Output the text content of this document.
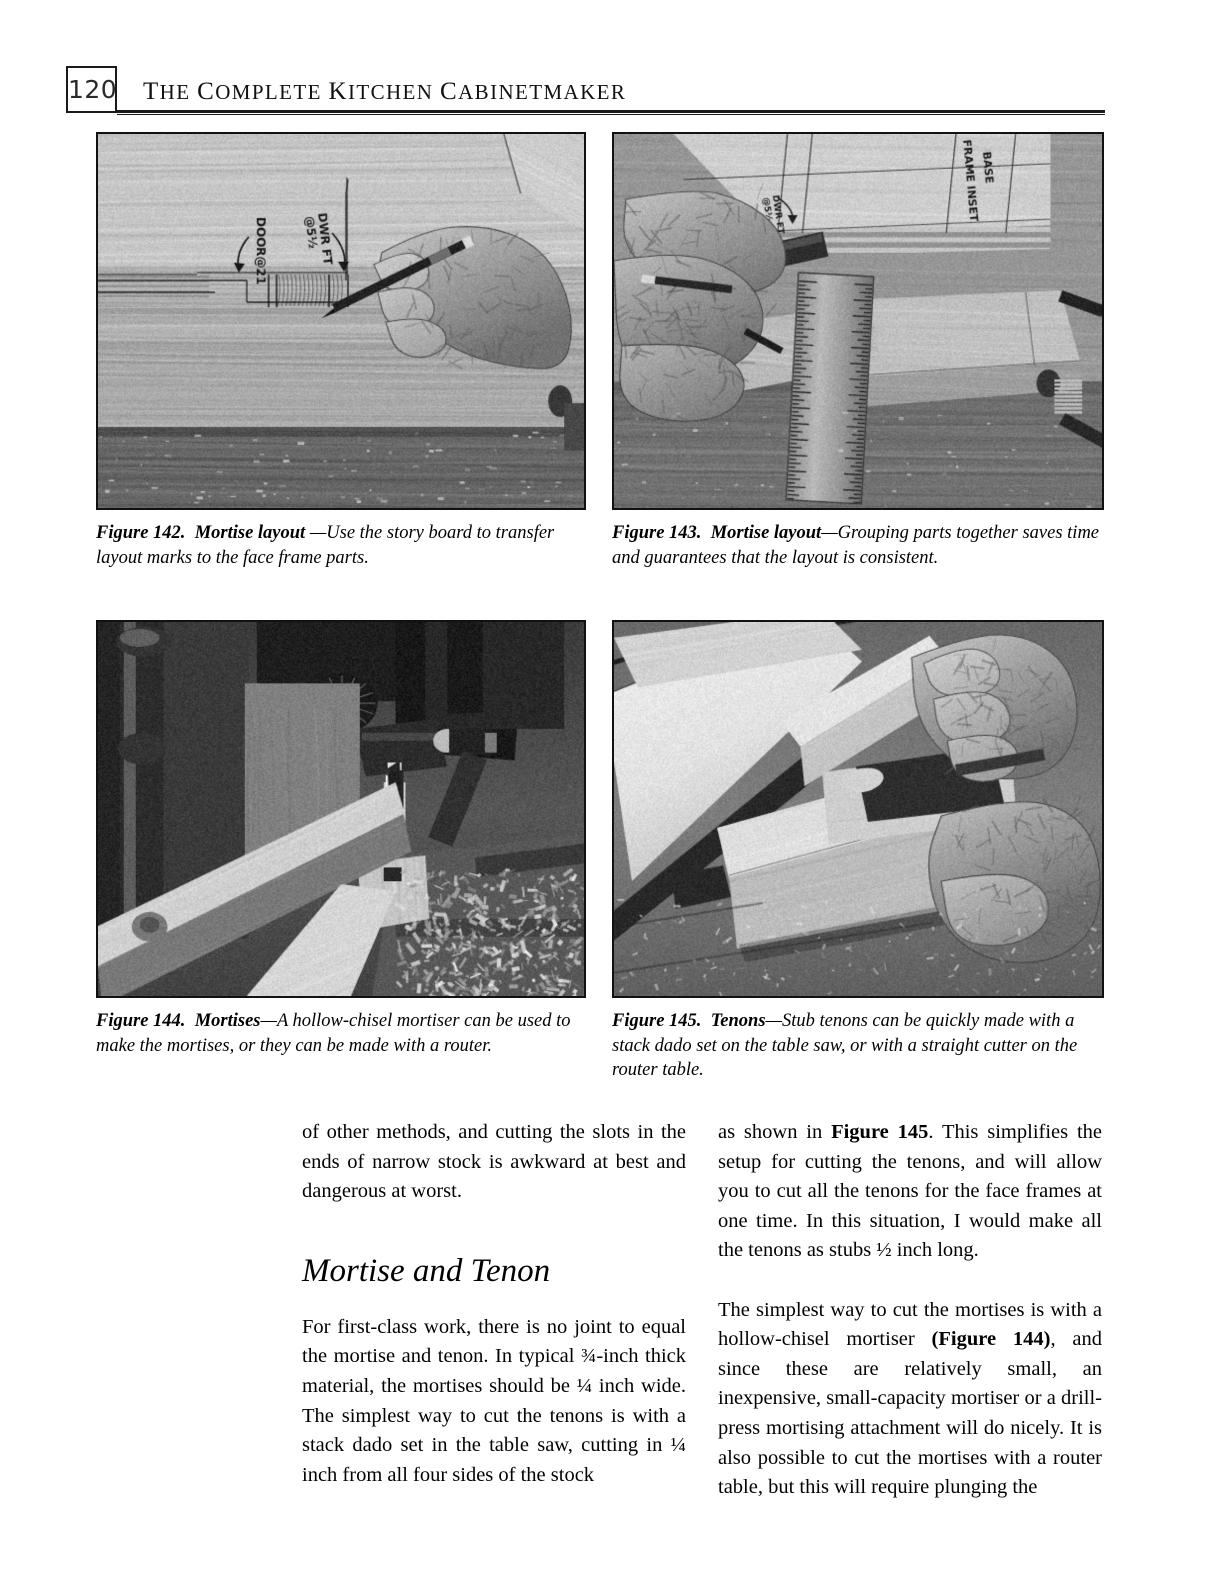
120 THE COMPLETE KITCHEN CABINETMAKER
Figure 142. Mortise layout —Use the story board to transfer layout marks to the face frame parts.
Figure 143. Mortise layout—Grouping parts together saves time and guarantees that the layout is consistent.
Figure 144. Mortises—A hollow-chisel mortiser can be used to make the mortises, or they can be made with a router.
Figure 145. Tenons—Stub tenons can be quickly made with a stack dado set on the table saw, or with a straight cutter on the router table.

of other methods, and cutting the slots in the ends of narrow stock is awkward at best and dangerous at worst.

Mortise and Tenon

For first-class work, there is no joint to equal the mortise and tenon. In typical ¾-inch thick material, the mortises should be ¼ inch wide. The simplest way to cut the tenons is with a stack dado set in the table saw, cutting in ¼ inch from all four sides of the stock

as shown in Figure 145. This simplifies the setup for cutting the tenons, and will allow you to cut all the tenons for the face frames at one time. In this situation, I would make all the tenons as stubs ½ inch long.

The simplest way to cut the mortises is with a hollow-chisel mortiser (Figure 144), and since these are relatively small, an inexpensive, small-capacity mortiser or a drill-press mortising attachment will do nicely. It is also possible to cut the mortises with a router table, but this will require plunging the
